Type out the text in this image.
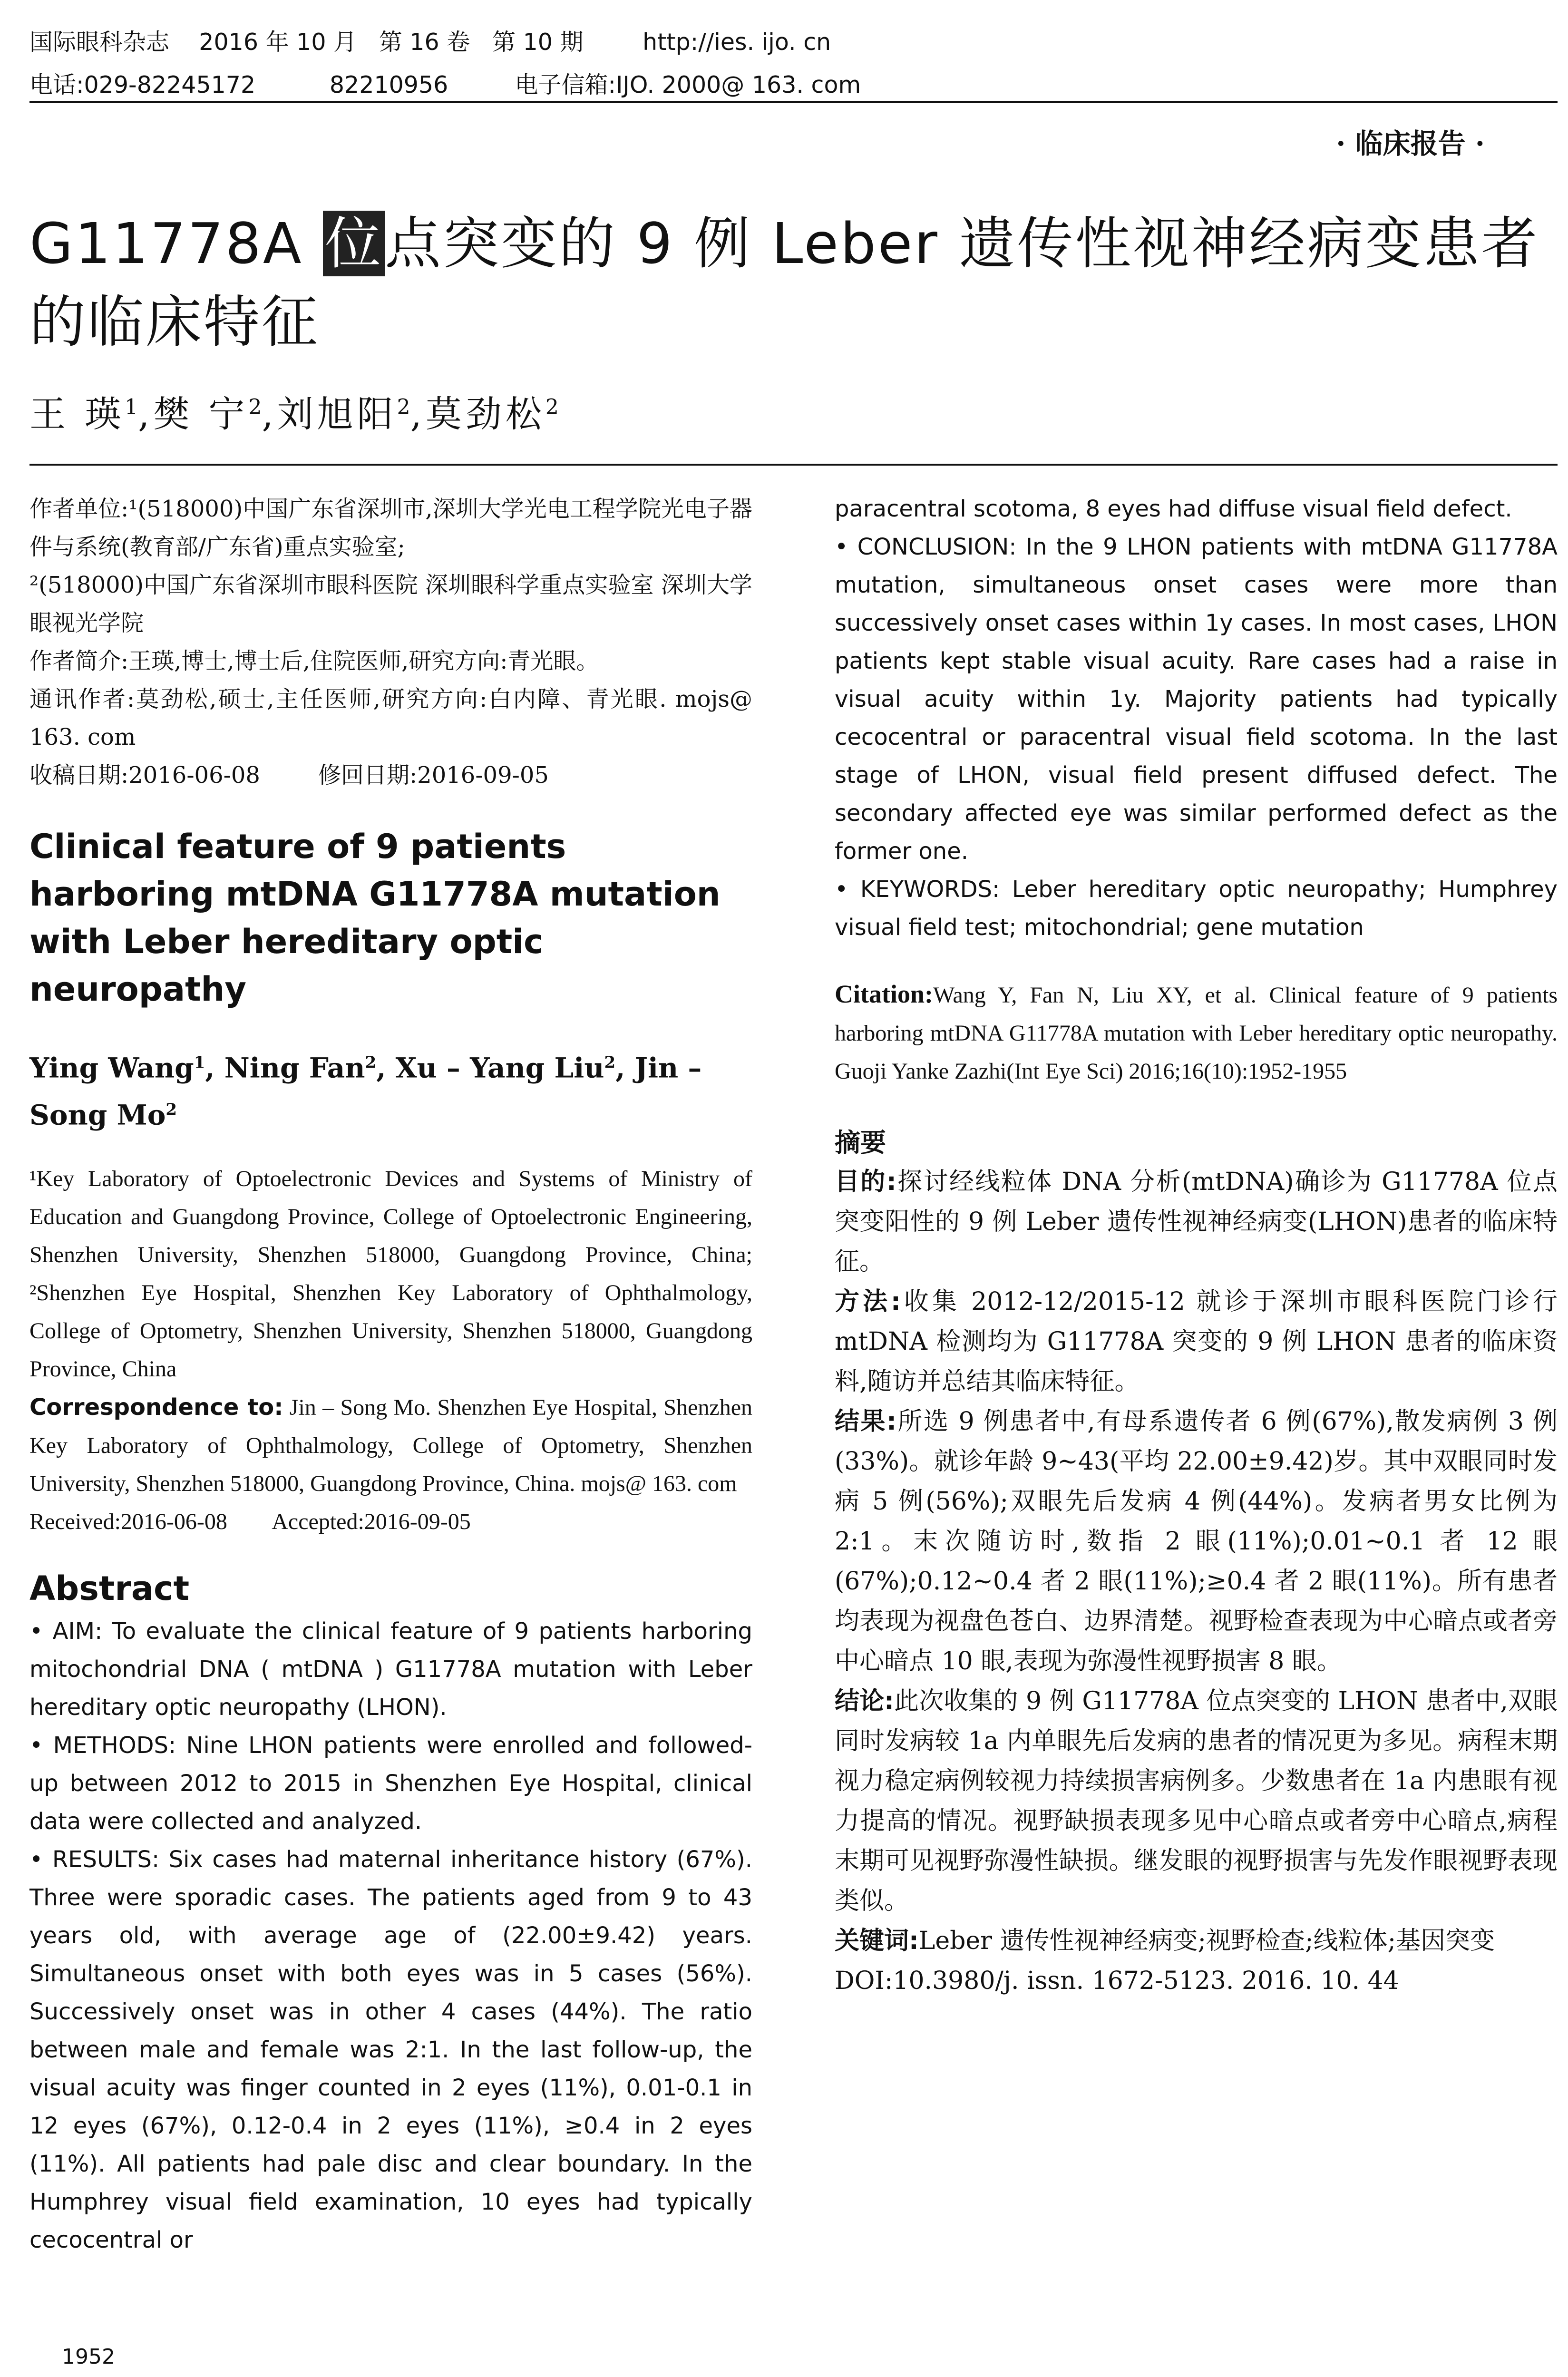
国际眼科杂志    2016 年 10 月   第 16 卷   第 10 期        http://ies. ijo. cn
电话:029-82245172          82210956         电子信箱:IJO. 2000@ 163. com
· 临床报告 ·
G11778A 位点突变的 9 例 Leber 遗传性视神经病变患者
的临床特征
王 瑛$^1$,樊 宁$^2$,刘旭阳$^2$,莫劲松$^2$

作者单位:¹(518000)中国广东省深圳市,深圳大学光电工程学院光电子器件与系统(教育部/广东省)重点实验室;

²(518000)中国广东省深圳市眼科医院 深圳眼科学重点实验室 深圳大学眼视光学院

作者简介:王瑛,博士,博士后,住院医师,研究方向:青光眼。

通讯作者:莫劲松,硕士,主任医师,研究方向:白内障、青光眼. mojs@ 163. com

收稿日期:2016-06-08        修回日期:2016-09-05

Clinical feature of 9 patients harboring mtDNA G11778A mutation with Leber hereditary optic neuropathy

Ying Wang$^1$, Ning Fan$^2$, Xu – Yang Liu$^2$, Jin – Song Mo$^2$

¹Key Laboratory of Optoelectronic Devices and Systems of Ministry of Education and Guangdong Province, College of Optoelectronic Engineering, Shenzhen University, Shenzhen 518000, Guangdong Province, China; ²Shenzhen Eye Hospital, Shenzhen Key Laboratory of Ophthalmology, College of Optometry, Shenzhen University, Shenzhen 518000, Guangdong Province, China

Correspondence to: Jin – Song Mo. Shenzhen Eye Hospital, Shenzhen Key Laboratory of Ophthalmology, College of Optometry, Shenzhen University, Shenzhen 518000, Guangdong Province, China. mojs@ 163. com

Received:2016-06-08        Accepted:2016-09-05

Abstract

• AIM: To evaluate the clinical feature of 9 patients harboring mitochondrial DNA ( mtDNA ) G11778A mutation with Leber hereditary optic neuropathy (LHON).

• METHODS: Nine LHON patients were enrolled and followed-up between 2012 to 2015 in Shenzhen Eye Hospital, clinical data were collected and analyzed.

• RESULTS: Six cases had maternal inheritance history (67%). Three were sporadic cases. The patients aged from 9 to 43 years old, with average age of (22.00±9.42) years. Simultaneous onset with both eyes was in 5 cases (56%). Successively onset was in other 4 cases (44%). The ratio between male and female was 2:1. In the last follow-up, the visual acuity was finger counted in 2 eyes (11%), 0.01-0.1 in 12 eyes (67%), 0.12-0.4 in 2 eyes (11%), ≥0.4 in 2 eyes (11%). All patients had pale disc and clear boundary. In the Humphrey visual field examination, 10 eyes had typically cecocentral or

paracentral scotoma, 8 eyes had diffuse visual field defect.

• CONCLUSION: In the 9 LHON patients with mtDNA G11778A mutation, simultaneous onset cases were more than successively onset cases within 1y cases. In most cases, LHON patients kept stable visual acuity. Rare cases had a raise in visual acuity within 1y. Majority patients had typically cecocentral or paracentral visual field scotoma. In the last stage of LHON, visual field present diffused defect. The secondary affected eye was similar performed defect as the former one.

• KEYWORDS: Leber hereditary optic neuropathy; Humphrey visual field test; mitochondrial; gene mutation

Citation:Wang Y, Fan N, Liu XY, et al. Clinical feature of 9 patients harboring mtDNA G11778A mutation with Leber hereditary optic neuropathy. Guoji Yanke Zazhi(Int Eye Sci) 2016;16(10):1952-1955

摘要

目的:探讨经线粒体 DNA 分析(mtDNA)确诊为 G11778A 位点突变阳性的 9 例 Leber 遗传性视神经病变(LHON)患者的临床特征。

方法:收集 2012-12/2015-12 就诊于深圳市眼科医院门诊行 mtDNA 检测均为 G11778A 突变的 9 例 LHON 患者的临床资料,随访并总结其临床特征。

结果:所选 9 例患者中,有母系遗传者 6 例(67%),散发病例 3 例(33%)。就诊年龄 9~43(平均 22.00±9.42)岁。其中双眼同时发病 5 例(56%);双眼先后发病 4 例(44%)。发病者男女比例为 2:1。末次随访时,数指 2 眼(11%);0.01~0.1 者 12 眼(67%);0.12~0.4 者 2 眼(11%);≥0.4 者 2 眼(11%)。所有患者均表现为视盘色苍白、边界清楚。视野检查表现为中心暗点或者旁中心暗点 10 眼,表现为弥漫性视野损害 8 眼。

结论:此次收集的 9 例 G11778A 位点突变的 LHON 患者中,双眼同时发病较 1a 内单眼先后发病的患者的情况更为多见。病程末期视力稳定病例较视力持续损害病例多。少数患者在 1a 内患眼有视力提高的情况。视野缺损表现多见中心暗点或者旁中心暗点,病程末期可见视野弥漫性缺损。继发眼的视野损害与先发作眼视野表现类似。

关键词:Leber 遗传性视神经病变;视野检查;线粒体;基因突变

DOI:10.3980/j. issn. 1672-5123. 2016. 10. 44

1952
